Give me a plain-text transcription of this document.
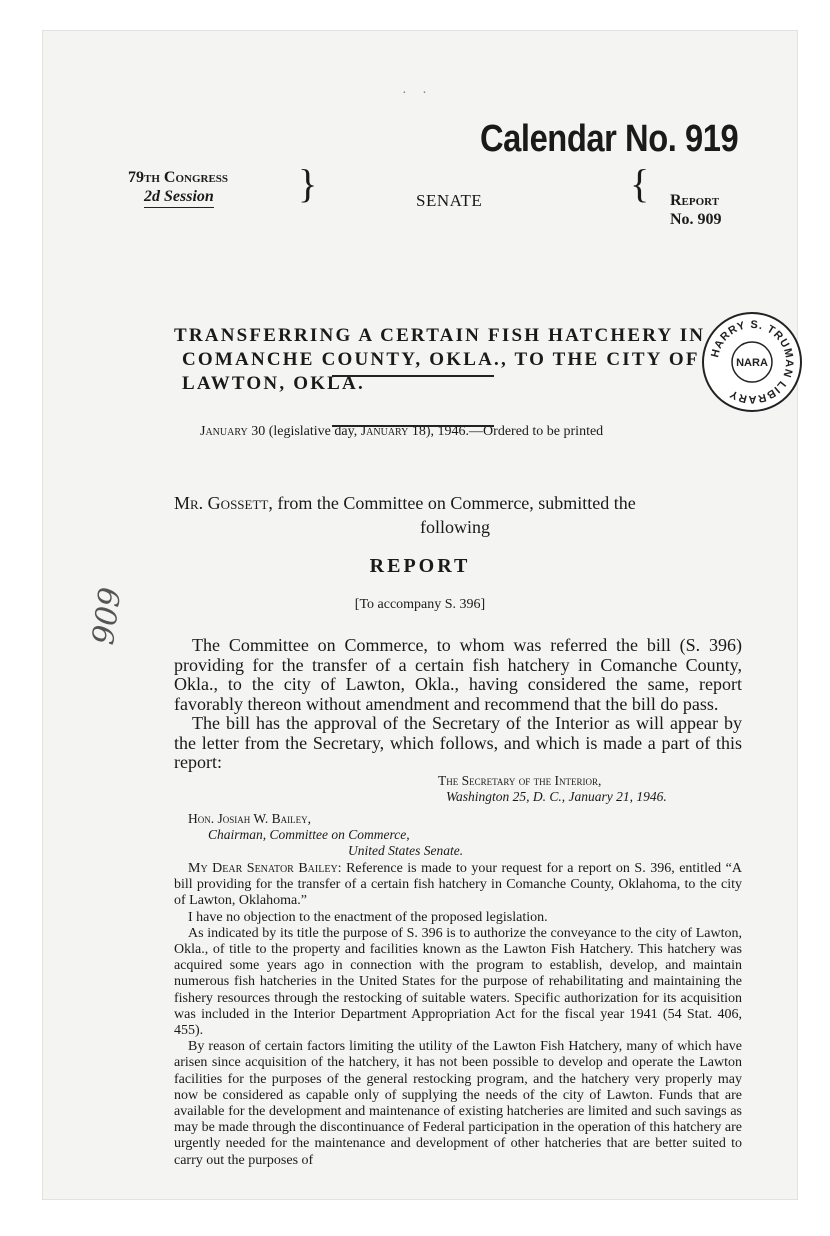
· ·
Calendar No. 919
79th Congress
2d Session	}	SENATE	{ Report
No. 909
TRANSFERRING A CERTAIN FISH HATCHERY IN COMANCHE COUNTY, OKLA., TO THE CITY OF LAWTON, OKLA.
HARRY S. TRUMAN LIBRARY
NARA
January 30 (legislative day, January 18), 1946.—Ordered to be printed
Mr. Gossett, from the Committee on Commerce, submitted the
following
REPORT
[To accompany S. 396]
909	The Committee on Commerce, to whom was referred the bill (S. 396) providing for the transfer of a certain fish hatchery in Comanche County, Okla., to the city of Lawton, Okla., having considered the same, report favorably thereon without amendment and recommend that the bill do pass.

The bill has the approval of the Secretary of the Interior as will appear by the letter from the Secretary, which follows, and which is made a part of this report:

The Secretary of the Interior,
Washington 25, D. C., January 21, 1946.
Hon. Josiah W. Bailey,
Chairman, Committee on Commerce,
United States Senate.

My Dear Senator Bailey: Reference is made to your request for a report on S. 396, entitled “A bill providing for the transfer of a certain fish hatchery in Comanche County, Oklahoma, to the city of Lawton, Oklahoma.”

I have no objection to the enactment of the proposed legislation.

As indicated by its title the purpose of S. 396 is to authorize the conveyance to the city of Lawton, Okla., of title to the property and facilities known as the Lawton Fish Hatchery. This hatchery was acquired some years ago in connection with the program to establish, develop, and maintain numerous fish hatcheries in the United States for the purpose of rehabilitating and maintaining the fishery resources through the restocking of suitable waters. Specific authorization for its acquisition was included in the Interior Department Appropriation Act for the fiscal year 1941 (54 Stat. 406, 455).

By reason of certain factors limiting the utility of the Lawton Fish Hatchery, many of which have arisen since acquisition of the hatchery, it has not been possible to develop and operate the Lawton facilities for the purposes of the general restocking program, and the hatchery very properly may now be considered as capable only of supplying the needs of the city of Lawton. Funds that are available for the development and maintenance of existing hatcheries are limited and such savings as may be made through the discontinuance of Federal participation in the operation of this hatchery are urgently needed for the maintenance and development of other hatcheries that are better suited to carry out the purposes of
